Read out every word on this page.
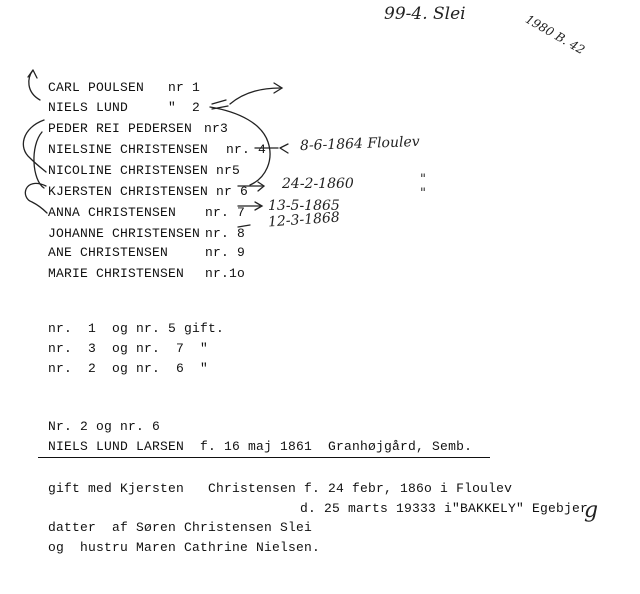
99-4. Slei	1980 B. 42
CARL POULSEN nr 1
NIELS LUND	"  2
PEDER REI PEDERSEN nr3
NIELSINE CHRISTENSEN nr. 4 8-6-1864 Floulev
NICOLINE CHRISTENSEN nr5
KJERSTEN CHRISTENSEN nr 6 24-2-1860
ANNA CHRISTENSEN nr. 7 13-5-1865
JOHANNE CHRISTENSEN nr. 8
12-3-1868
ANE CHRISTENSEN	nr. 9
MARIE CHRISTENSEN nr.1o
"
"
nr.  1  og nr. 5 gift.
nr.  3  og nr.  7  "
nr.  2  og nr.  6  "
Nr. 2 og nr. 6
NIELS LUND LARSEN  f. 16 maj 1861  Granhøjgård, Semb.
gift med Kjersten   Christensen f. 24 febr, 186o i Floulev
d. 25 marts 19333 i"BAKKELY" Egebjer
g
datter  af Søren Christensen Slei
og  hustru Maren Cathrine Nielsen.
